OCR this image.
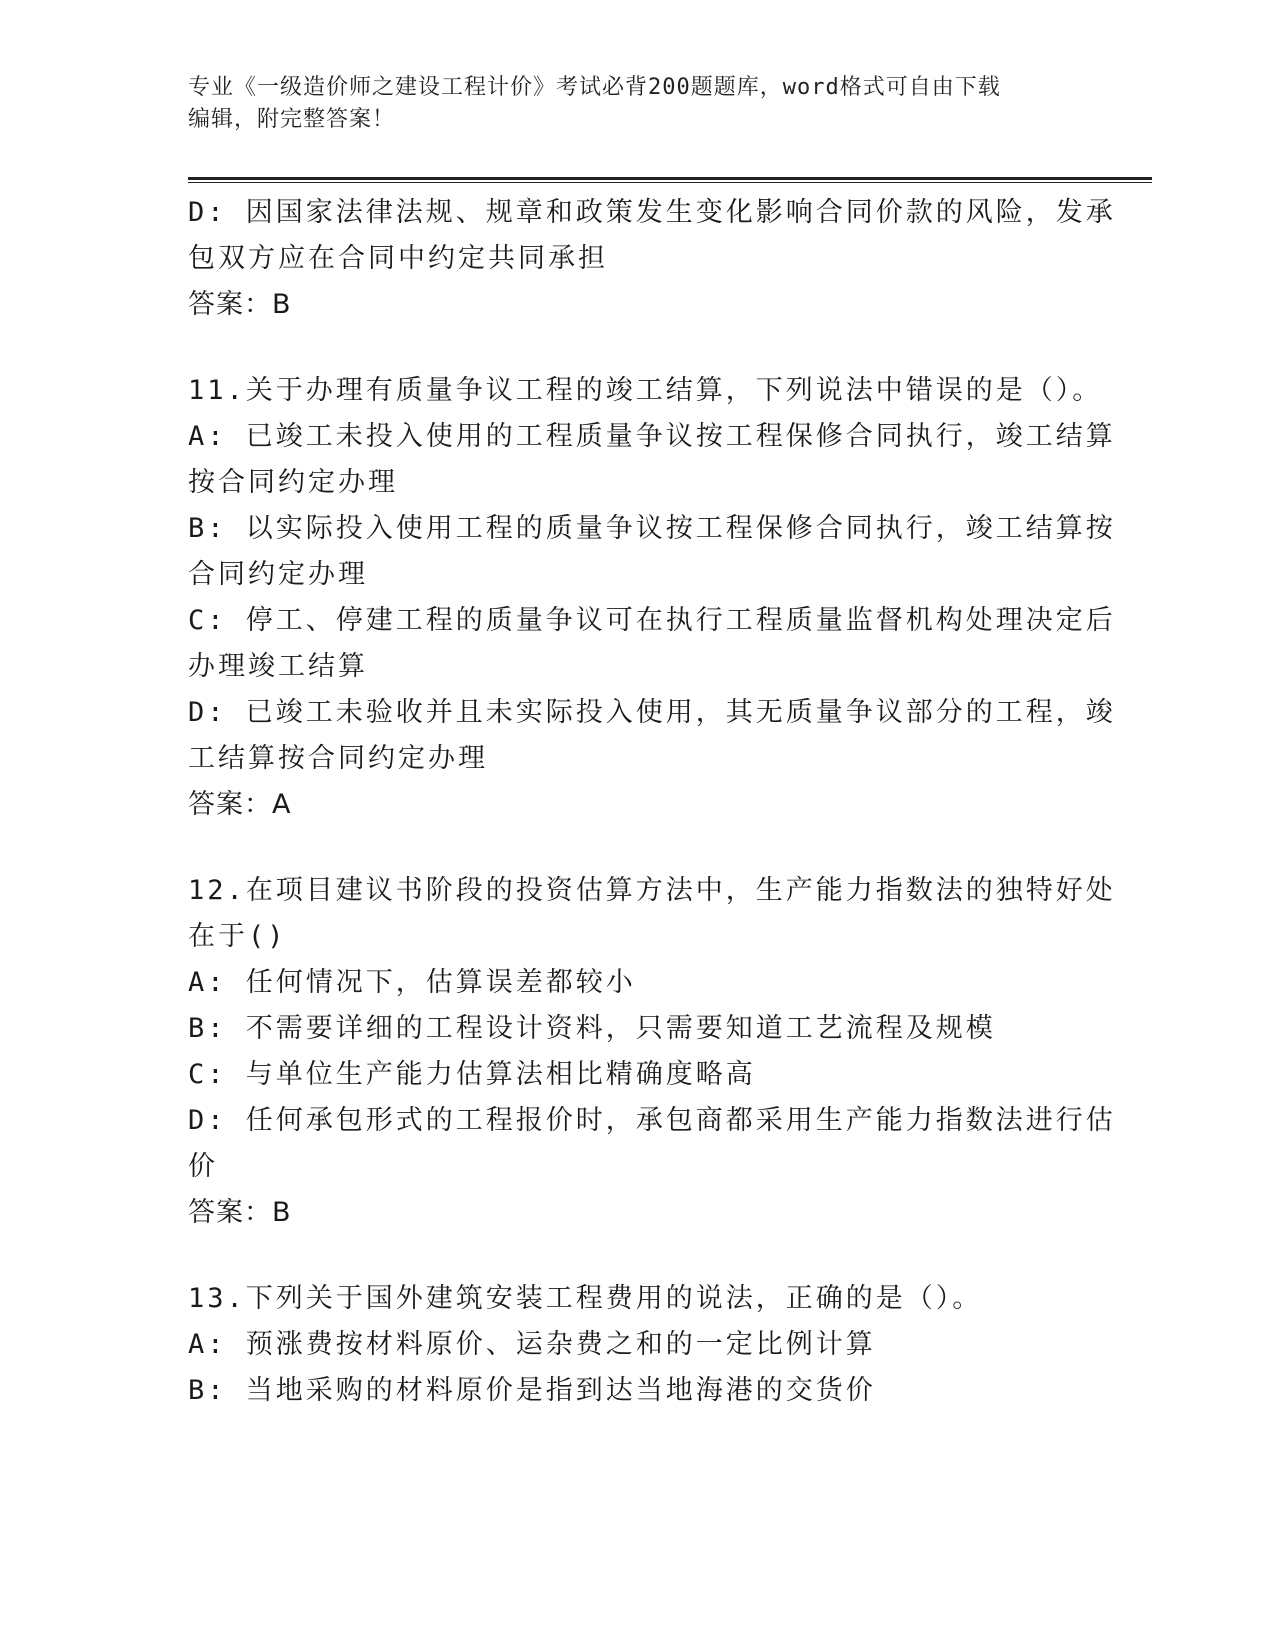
专业《一级造价师之建设工程计价》考试必背200题题库，word格式可自由下载
编辑，附完整答案！
D: 因国家法律法规、规章和政策发生变化影响合同价款的风险，发承
包双方应在合同中约定共同承担
答案：B
11.关于办理有质量争议工程的竣工结算，下列说法中错误的是（）。
A: 已竣工未投入使用的工程质量争议按工程保修合同执行，竣工结算
按合同约定办理
B: 以实际投入使用工程的质量争议按工程保修合同执行，竣工结算按
合同约定办理
C: 停工、停建工程的质量争议可在执行工程质量监督机构处理决定后
办理竣工结算
D: 已竣工未验收并且未实际投入使用，其无质量争议部分的工程，竣
工结算按合同约定办理
答案：A
12.在项目建议书阶段的投资估算方法中，生产能力指数法的独特好处
在于()
A: 任何情况下，估算误差都较小
B: 不需要详细的工程设计资料，只需要知道工艺流程及规模
C: 与单位生产能力估算法相比精确度略高
D: 任何承包形式的工程报价时，承包商都采用生产能力指数法进行估
价
答案：B
13.下列关于国外建筑安装工程费用的说法，正确的是（）。
A: 预涨费按材料原价、运杂费之和的一定比例计算
B: 当地采购的材料原价是指到达当地海港的交货价
